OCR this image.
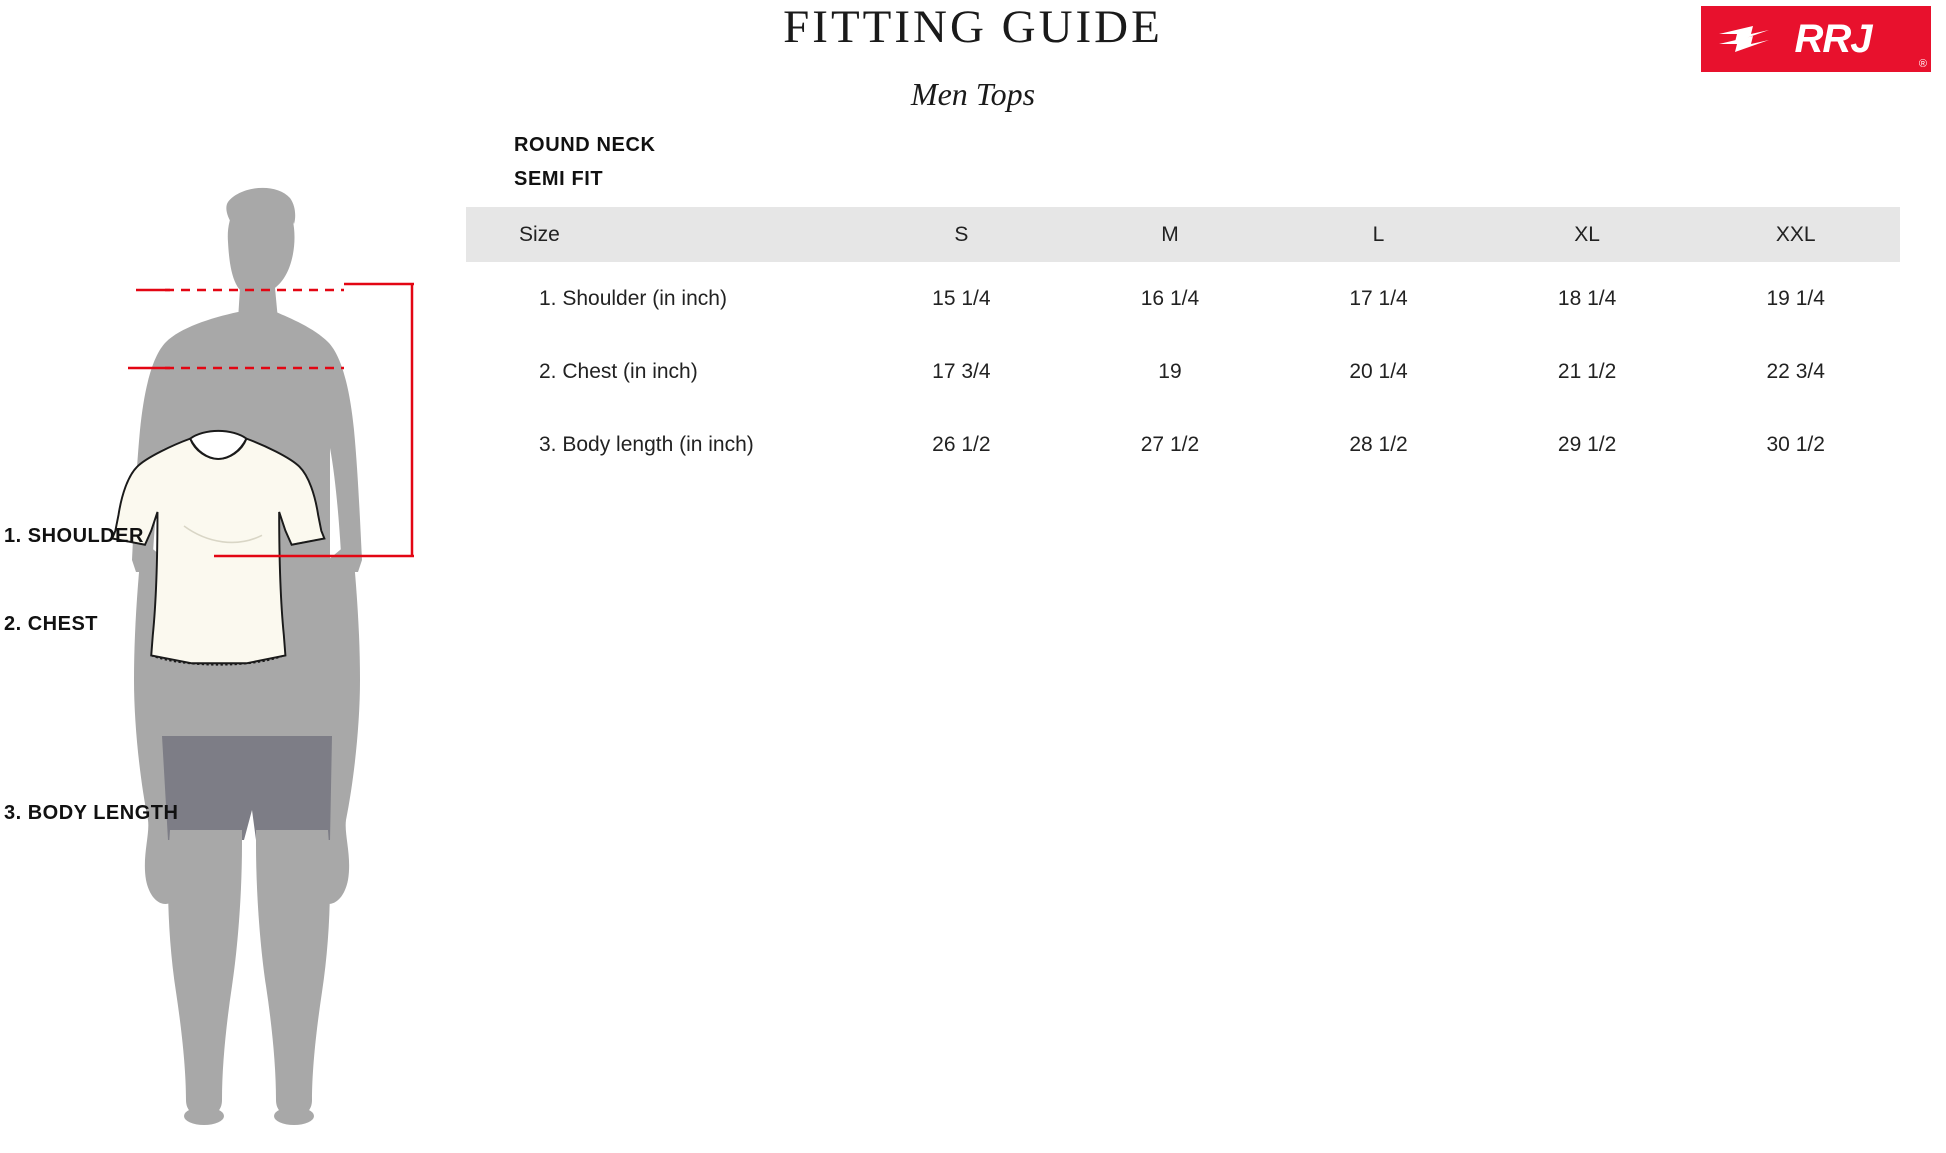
FITTING GUIDE
Men Tops
RRJ
®
ROUND NECK
SEMI FIT
Size	S	M	L	XL	XXL
1. Shoulder (in inch)	15 1/4	16 1/4	17 1/4	18 1/4	19 1/4
2. Chest (in inch)	17 3/4	19	20 1/4	21 1/2	22 3/4
3. Body length (in inch)	26 1/2	27 1/2	28 1/2	29 1/2	30 1/2
1. SHOULDER
2. CHEST
3. BODY LENGTH
